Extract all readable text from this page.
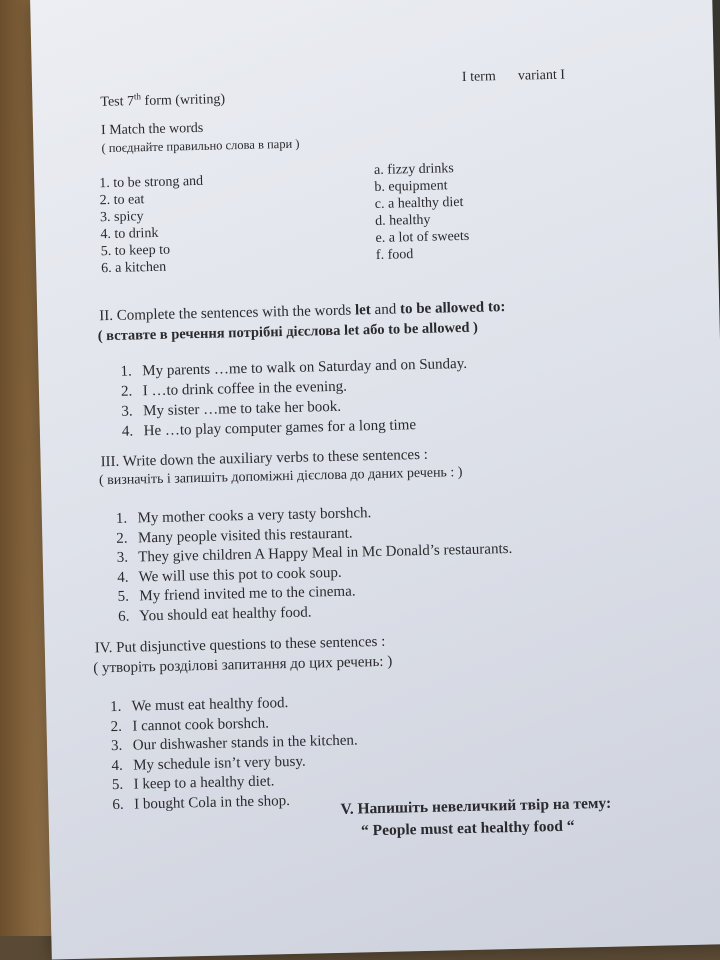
Test 7th form (writing)
I term variant I
I Match the words
( поєднайте правильно слова в пари )
1. to be strong and
2. to eat
3. spicy
4. to drink
5. to keep to
6. a kitchen
a. fizzy drinks
b. equipment
c. a healthy diet
d. healthy
e. a lot of sweets
f. food
II. Complete the sentences with the words let and to be allowed to:
( вставте в речення потрібні дієслова let або to be allowed )
1. My parents …me to walk on Saturday and on Sunday.
2. I …to drink coffee in the evening.
3. My sister …me to take her book.
4. He …to play computer games for a long time
III. Write down the auxiliary verbs to these sentences :
( визначіть і запишіть допоміжні дієслова до даних речень : )
1. My mother cooks a very tasty borshch.
2. Many people visited this restaurant.
3. They give children A Happy Meal in Mc Donald’s restaurants.
4. We will use this pot to cook soup.
5. My friend invited me to the cinema.
6. You should eat healthy food.
IV. Put disjunctive questions to these sentences :
( утворіть розділові запитання до цих речень: )
1. We must eat healthy food.
2. I cannot cook borshch.
3. Our dishwasher stands in the kitchen.
4. My schedule isn’t very busy.
5. I keep to a healthy diet.
6. I bought Cola in the shop.	V. Напишіть невеличкий твір на тему:
“ People must eat healthy food “
